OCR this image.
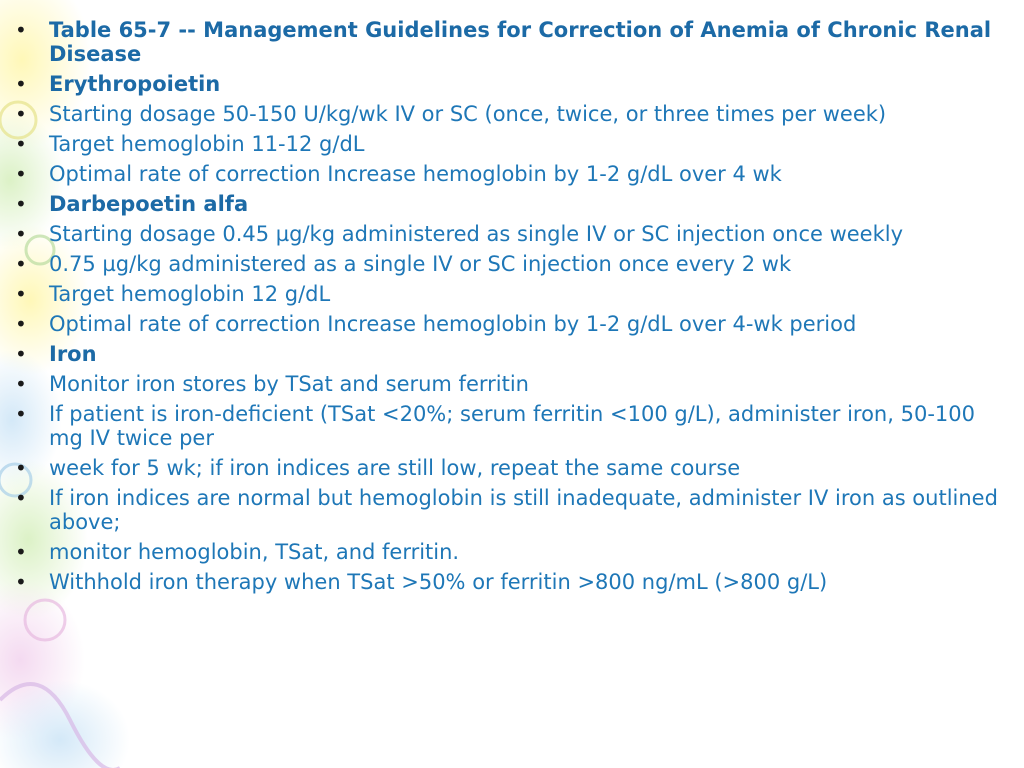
• Table 65-7 -- Management Guidelines for Correction of Anemia of Chronic Renal Disease
• Erythropoietin
• Starting dosage 50-150 U/kg/wk IV or SC (once, twice, or three times per week)
• Target hemoglobin 11-12 g/dL
• Optimal rate of correction Increase hemoglobin by 1-2 g/dL over 4 wk
• Darbepoetin alfa
• Starting dosage 0.45 µg/kg administered as single IV or SC injection once weekly
• 0.75 µg/kg administered as a single IV or SC injection once every 2 wk
• Target hemoglobin 12 g/dL
• Optimal rate of correction Increase hemoglobin by 1-2 g/dL over 4-wk period
• Iron
• Monitor iron stores by TSat and serum ferritin
• If patient is iron-deficient (TSat <20%; serum ferritin <100 g/L), administer iron, 50-100 mg IV twice per
• week for 5 wk; if iron indices are still low, repeat the same course
• If iron indices are normal but hemoglobin is still inadequate, administer IV iron as outlined above;
• monitor hemoglobin, TSat, and ferritin.
• Withhold iron therapy when TSat >50% or ferritin >800 ng/mL (>800 g/L)
